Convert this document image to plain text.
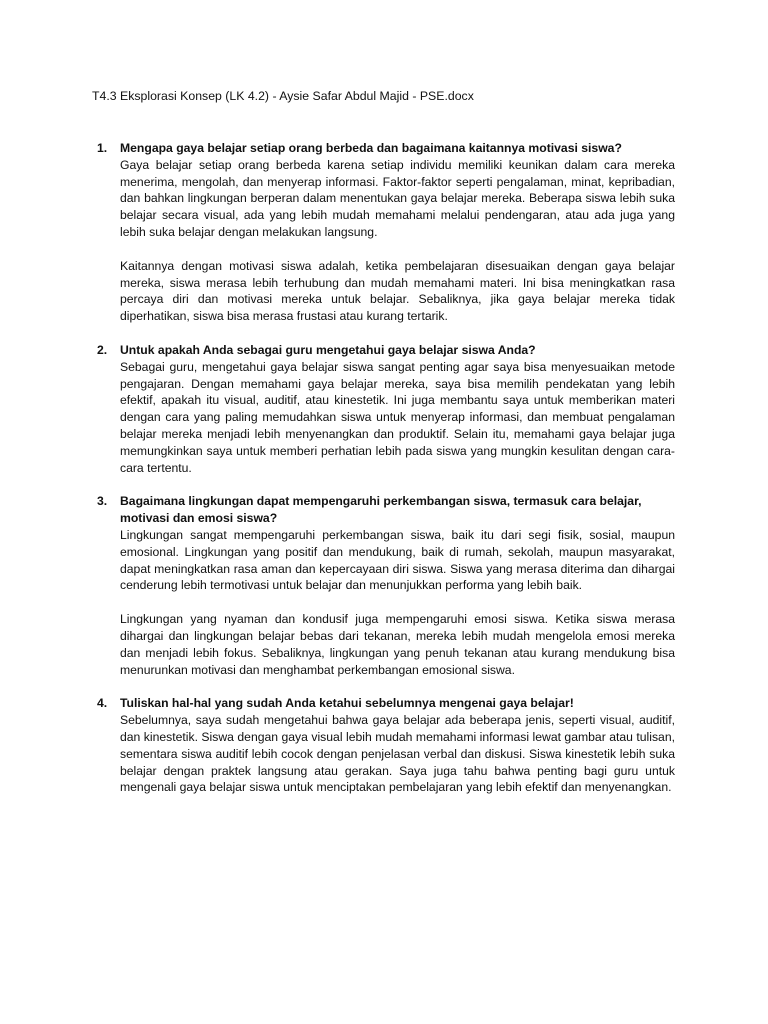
T4.3 Eksplorasi Konsep (LK 4.2) - Aysie Safar Abdul Majid - PSE.docx
1. Mengapa gaya belajar setiap orang berbeda dan bagaimana kaitannya motivasi siswa?

Gaya belajar setiap orang berbeda karena setiap individu memiliki keunikan dalam cara mereka menerima, mengolah, dan menyerap informasi. Faktor-faktor seperti pengalaman, minat, kepribadian, dan bahkan lingkungan berperan dalam menentukan gaya belajar mereka. Beberapa siswa lebih suka belajar secara visual, ada yang lebih mudah memahami melalui pendengaran, atau ada juga yang lebih suka belajar dengan melakukan langsung.

Kaitannya dengan motivasi siswa adalah, ketika pembelajaran disesuaikan dengan gaya belajar mereka, siswa merasa lebih terhubung dan mudah memahami materi. Ini bisa meningkatkan rasa percaya diri dan motivasi mereka untuk belajar. Sebaliknya, jika gaya belajar mereka tidak diperhatikan, siswa bisa merasa frustasi atau kurang tertarik.

2. Untuk apakah Anda sebagai guru mengetahui gaya belajar siswa Anda?

Sebagai guru, mengetahui gaya belajar siswa sangat penting agar saya bisa menyesuaikan metode pengajaran. Dengan memahami gaya belajar mereka, saya bisa memilih pendekatan yang lebih efektif, apakah itu visual, auditif, atau kinestetik. Ini juga membantu saya untuk memberikan materi dengan cara yang paling memudahkan siswa untuk menyerap informasi, dan membuat pengalaman belajar mereka menjadi lebih menyenangkan dan produktif. Selain itu, memahami gaya belajar juga memungkinkan saya untuk memberi perhatian lebih pada siswa yang mungkin kesulitan dengan cara-cara tertentu.

3. Bagaimana lingkungan dapat mempengaruhi perkembangan siswa, termasuk cara belajar, motivasi dan emosi siswa?

Lingkungan sangat mempengaruhi perkembangan siswa, baik itu dari segi fisik, sosial, maupun emosional. Lingkungan yang positif dan mendukung, baik di rumah, sekolah, maupun masyarakat, dapat meningkatkan rasa aman dan kepercayaan diri siswa. Siswa yang merasa diterima dan dihargai cenderung lebih termotivasi untuk belajar dan menunjukkan performa yang lebih baik.

Lingkungan yang nyaman dan kondusif juga mempengaruhi emosi siswa. Ketika siswa merasa dihargai dan lingkungan belajar bebas dari tekanan, mereka lebih mudah mengelola emosi mereka dan menjadi lebih fokus. Sebaliknya, lingkungan yang penuh tekanan atau kurang mendukung bisa menurunkan motivasi dan menghambat perkembangan emosional siswa.

4. Tuliskan hal-hal yang sudah Anda ketahui sebelumnya mengenai gaya belajar!

Sebelumnya, saya sudah mengetahui bahwa gaya belajar ada beberapa jenis, seperti visual, auditif, dan kinestetik. Siswa dengan gaya visual lebih mudah memahami informasi lewat gambar atau tulisan, sementara siswa auditif lebih cocok dengan penjelasan verbal dan diskusi. Siswa kinestetik lebih suka belajar dengan praktek langsung atau gerakan. Saya juga tahu bahwa penting bagi guru untuk mengenali gaya belajar siswa untuk menciptakan pembelajaran yang lebih efektif dan menyenangkan.
